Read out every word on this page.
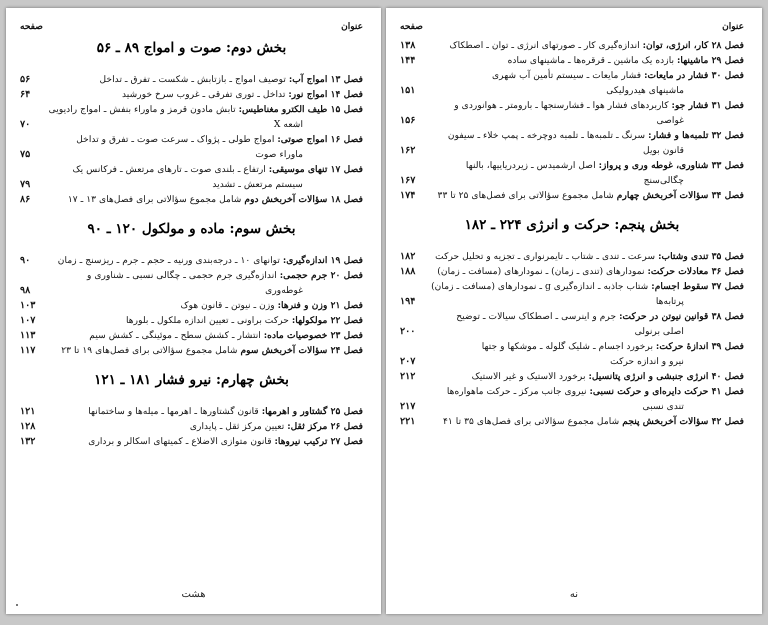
عنوان
صفحه
بخش دوم: صوت و امواج ۸۹ ـ ۵۶
فصل ۱۳ امواج آب: توصیف امواج ـ بازتابش ـ شکست ـ تفرق ـ تداخل
۵۶
فصل ۱۴ امواج نور: تداخل ـ توری تفرقی ـ غروب سرخ خورشید
۶۴
فصل ۱۵ طیف الکترو مغناطیس: تابش مادون قرمز و ماوراء بنفش ـ امواج رادیویی
اشعه X
۷۰
فصل ۱۶ امواج صوتی: امواج طولی ـ پژواک ـ سرعت صوت ـ تفرق و تداخل
ماوراء صوت
۷۵
فصل ۱۷ تنهای موسیقی: ارتفاع ـ بلندی صوت ـ تارهای مرتعش ـ فرکانس یک
سیستم مرتعش ـ تشدید
۷۹
فصل ۱۸ سؤالات آخربخش دوم شامل مجموع سؤالاتی برای فصل‌های ۱۳ ـ ۱۷
۸۶
بخش سوم: ماده و مولکول ۱۲۰ ـ ۹۰
فصل ۱۹ اندازه‌گیری: توانهای ۱۰ ـ درجه‌بندی ورنیه ـ حجم ـ جرم ـ ریزسنج ـ زمان
۹۰
فصل ۲۰ جرم حجمی: اندازه‌گیری جرم حجمی ـ چگالی نسبی ـ شناوری و
غوطه‌وری
۹۸
فصل ۲۱ وزن و فنرها: وزن ـ نیوتن ـ قانون هوک
۱۰۳
فصل ۲۲ مولکولها: حرکت براونی ـ تعیین اندازه ملکول ـ بلورها
۱۰۷
فصل ۲۳ خصوصیات ماده: انتشار ـ کشش سطح ـ موئینگی ـ کشش سیم
۱۱۳
فصل ۲۴ سؤالات آخربخش سوم شامل مجموع سؤالاتی برای فصل‌های ۱۹ تا ۲۳
۱۱۷
بخش چهارم: نیرو فشار ۱۸۱ ـ ۱۲۱
فصل ۲۵ گشتاور و اهرمها: قانون گشتاورها ـ اهرمها ـ میله‌ها و ساختمانها
۱۲۱
فصل ۲۶ مرکز ثقل: تعیین مرکز ثقل ـ پایداری
۱۲۸
فصل ۲۷ ترکیب نیروها: قانون متوازی الاضلاع ـ کمیتهای اسکالر و برداری
۱۳۲
هشت
عنوان
صفحه
فصل ۲۸ کار، انرژی، توان: اندازه‌گیری کار ـ صورتهای انرژی ـ توان ـ اصطکاک
۱۳۸
فصل ۲۹ ماشینها: بازده یک ماشین ـ قرقره‌ها ـ ماشینهای ساده
۱۴۴
فصل ۳۰ فشار در مایعات: فشار مایعات ـ سیستم تأمین آب شهری
ماشینهای هیدرولیکی
۱۵۱
فصل ۳۱ فشار جو: کاربردهای فشار هوا ـ فشارسنجها ـ بارومتر ـ هوانوردی و
غواصی
۱۵۶
فصل ۳۲ تلمبه‌ها و فشار: سرنگ ـ تلمبه‌ها ـ تلمبه دوچرخه ـ پمپ خلاء ـ سیفون
قانون بویل
۱۶۲
فصل ۳۳ شناوری، غوطه وری و پرواز: اصل ارشمیدس ـ زیردریاییها، بالنها
چگالی‌سنج
۱۶۷
فصل ۳۴ سؤالات آخربخش چهارم شامل مجموع سؤالاتی برای فصل‌های ۲۵ تا ۳۳
۱۷۴
بخش پنجم: حرکت و انرژی ۲۲۴ ـ ۱۸۲
فصل ۳۵ تندی وشتاب: سرعت ـ تندی ـ شتاب ـ تایمرنواری ـ تجزیه و تحلیل حرکت
۱۸۲
فصل ۳۶ معادلات حرکت: نمودارهای (تندی ـ زمان) ـ نمودارهای (مسافت ـ زمان)
۱۸۸
فصل ۳۷ سقوط اجسام: شتاب جاذبه ـ اندازه‌گیری g ـ نمودارهای (مسافت ـ زمان)
پرتابه‌ها
۱۹۴
فصل ۳۸ قوانین نیوتن در حرکت: جرم و اینرسی ـ اصطکاک سیالات ـ توضیح
اصلی برنولی
۲۰۰
فصل ۳۹ اندازهٔ حرکت: برخورد اجسام ـ شلیک گلوله ـ موشکها و جتها
نیرو و اندازه حرکت
۲۰۷
فصل ۴۰ انرژی جنبشی و انرژی پتانسیل: برخورد الاستیک و غیر الاستیک
۲۱۲
فصل ۴۱ حرکت دایره‌ای و حرکت نسبی: نیروی جانب مرکز ـ حرکت ماهواره‌ها
تندی نسبی
۲۱۷
فصل ۴۲ سؤالات آخربخش پنجم شامل مجموع سؤالاتی برای فصل‌های ۳۵ تا ۴۱
۲۲۱
نه
